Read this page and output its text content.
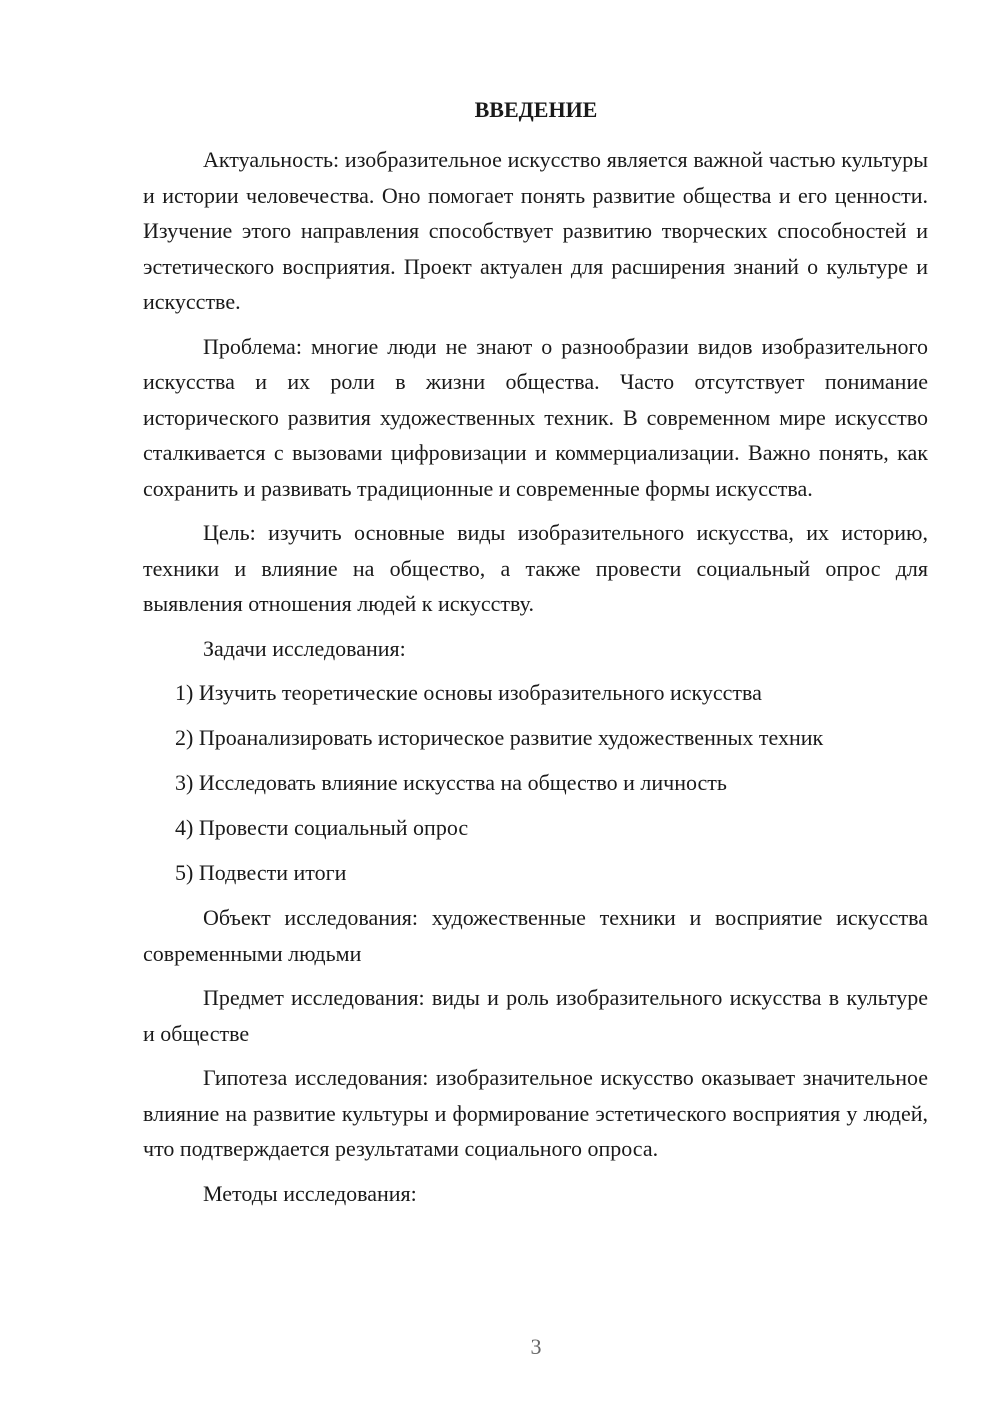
ВВЕДЕНИЕ

Актуальность: изобразительное искусство является важной частью культуры и истории человечества. Оно помогает понять развитие общества и его ценности. Изучение этого направления способствует развитию творческих способностей и эстетического восприятия. Проект актуален для расширения знаний о культуре и искусстве.

Проблема: многие люди не знают о разнообразии видов изобразительного искусства и их роли в жизни общества. Часто отсутствует понимание исторического развития художественных техник. В современном мире искусство сталкивается с вызовами цифровизации и коммерциализации. Важно понять, как сохранить и развивать традиционные и современные формы искусства.

Цель: изучить основные виды изобразительного искусства, их историю, техники и влияние на общество, а также провести социальный опрос для выявления отношения людей к искусству.

Задачи исследования:

1) Изучить теоретические основы изобразительного искусства
2) Проанализировать историческое развитие художественных техник
3) Исследовать влияние искусства на общество и личность
4) Провести социальный опрос
5) Подвести итоги

Объект исследования: художественные техники и восприятие искусства современными людьми

Предмет исследования: виды и роль изобразительного искусства в культуре и обществе

Гипотеза исследования: изобразительное искусство оказывает значительное влияние на развитие культуры и формирование эстетического восприятия у людей, что подтверждается результатами социального опроса.

Методы исследования:

3
